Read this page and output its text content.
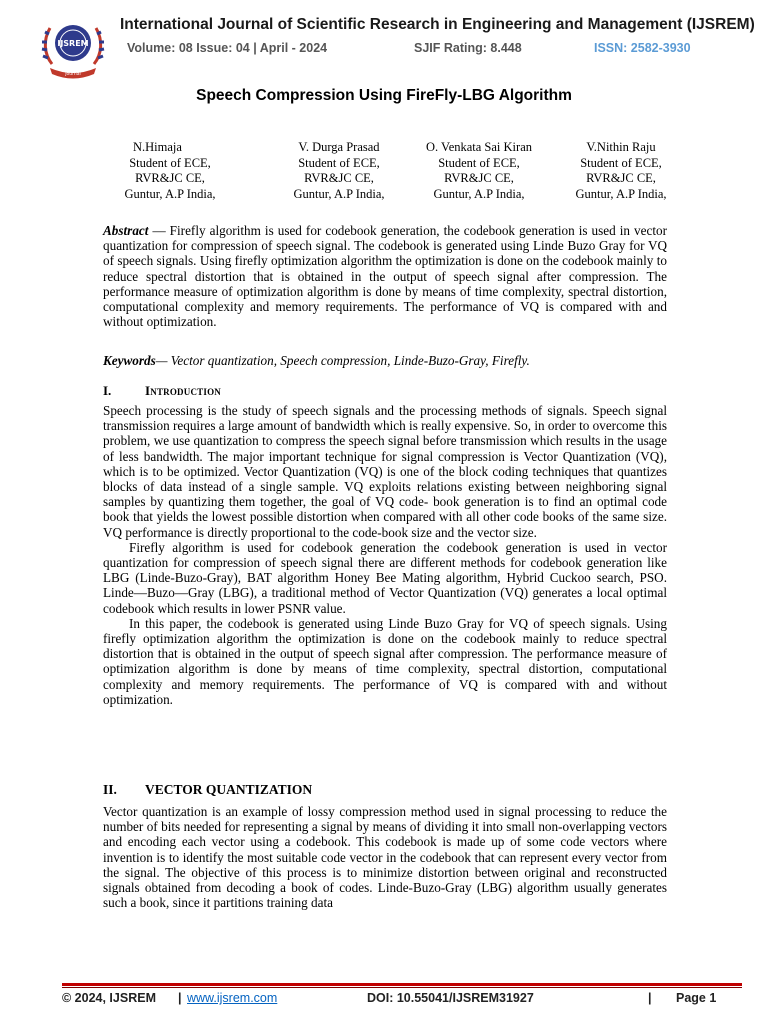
IJSREM
Journal
International Journal of Scientific Research in Engineering and Management (IJSREM)
Volume: 08 Issue: 04 | April - 2024	SJIF Rating: 8.448	ISSN: 2582-3930
Speech Compression Using FireFly-LBG Algorithm
N.Himaja
Student of ECE,
RVR&JC CE,
Guntur, A.P India,
V. Durga Prasad
Student of ECE,
RVR&JC CE,
Guntur, A.P India,
O. Venkata Sai Kiran
Student of ECE,
RVR&JC CE,
Guntur, A.P India,
V.Nithin Raju
Student of ECE,
RVR&JC CE,
Guntur, A.P India,

Abstract — Firefly algorithm is used for codebook generation, the codebook generation is used in vector quantization for compression of speech signal. The codebook is generated using Linde Buzo Gray for VQ of speech signals. Using firefly optimization algorithm the optimization is done on the codebook mainly to reduce spectral distortion that is obtained in the output of speech signal after compression. The performance measure of optimization algorithm is done by means of time complexity, spectral distortion, computational complexity and memory requirements. The performance of VQ is compared with and without optimization.

Keywords— Vector quantization, Speech compression, Linde-Buzo-Gray, Firefly.

I.	Introduction

Speech processing is the study of speech signals and the processing methods of signals. Speech signal transmission requires a large amount of bandwidth which is really expensive. So, in order to overcome this problem, we use quantization to compress the speech signal before transmission which results in the usage of less bandwidth. The major important technique for signal compression is Vector Quantization (VQ), which is to be optimized. Vector Quantization (VQ) is one of the block coding techniques that quantizes blocks of data instead of a single sample. VQ exploits relations existing between neighboring signal samples by quantizing them together, the goal of VQ code- book generation is to find an optimal code book that yields the lowest possible distortion when compared with all other code books of the same size. VQ performance is directly proportional to the code-book size and the vector size.

Firefly algorithm is used for codebook generation the codebook generation is used in vector quantization for compression of speech signal there are different methods for codebook generation like LBG (Linde-Buzo-Gray), BAT algorithm Honey Bee Mating algorithm, Hybrid Cuckoo search, PSO. Linde—Buzo—Gray (LBG), a traditional method of Vector Quantization (VQ) generates a local optimal codebook which results in lower PSNR value.

In this paper, the codebook is generated using Linde Buzo Gray for VQ of speech signals. Using firefly optimization algorithm the optimization is done on the codebook mainly to reduce spectral distortion that is obtained in the output of speech signal after compression. The performance measure of optimization algorithm is done by means of time complexity, spectral distortion, computational complexity and memory requirements. The performance of VQ is compared with and without optimization.

II. VECTOR QUANTIZATION

Vector quantization is an example of lossy compression method used in signal processing to reduce the number of bits needed for representing a signal by means of dividing it into small non-overlapping vectors and encoding each vector using a codebook. This codebook is made up of some code vectors where invention is to identify the most suitable code vector in the codebook that can represent every vector from the signal. The objective of this process is to minimize distortion between original and reconstructed signals obtained from decoding a book of codes. Linde-Buzo-Gray (LBG) algorithm usually generates such a book, since it partitions training data

© 2024, IJSREM | www.ijsrem.com	DOI: 10.55041/IJSREM31927	| Page 1
